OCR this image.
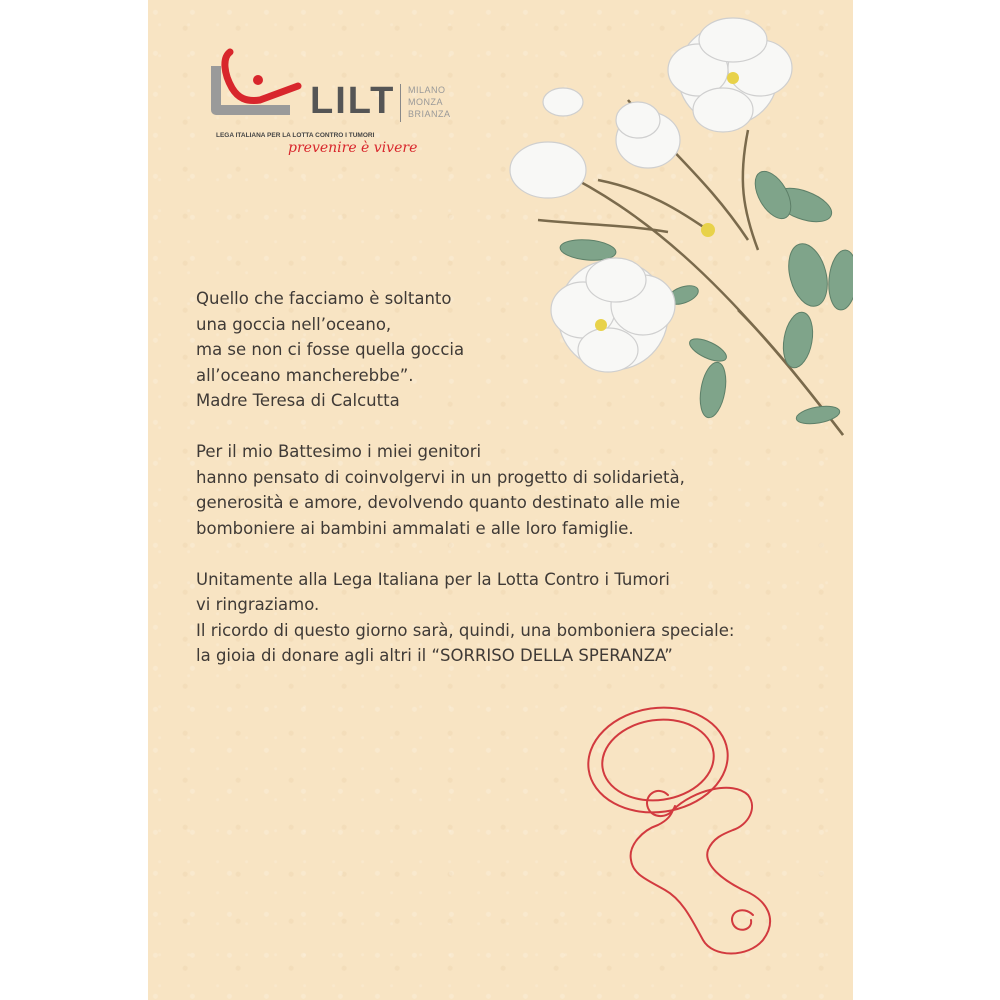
LILT MILANO
MONZA
BRIANZA
LEGA ITALIANA PER LA LOTTA CONTRO I TUMORI
prevenire è vivere
Quello che facciamo è soltanto
una goccia nell’oceano,
ma se non ci fosse quella goccia
all’oceano mancherebbe”.
Madre Teresa di Calcutta
Per il mio Battesimo i miei genitori
hanno pensato di coinvolgervi in un progetto di solidarietà,
generosità e amore, devolvendo quanto destinato alle mie
bomboniere ai bambini ammalati e alle loro famiglie.
Unitamente alla Lega Italiana per la Lotta Contro i Tumori
vi ringraziamo.
Il ricordo di questo giorno sarà, quindi, una bomboniera speciale:
la gioia di donare agli altri il “SORRISO DELLA SPERANZA”
